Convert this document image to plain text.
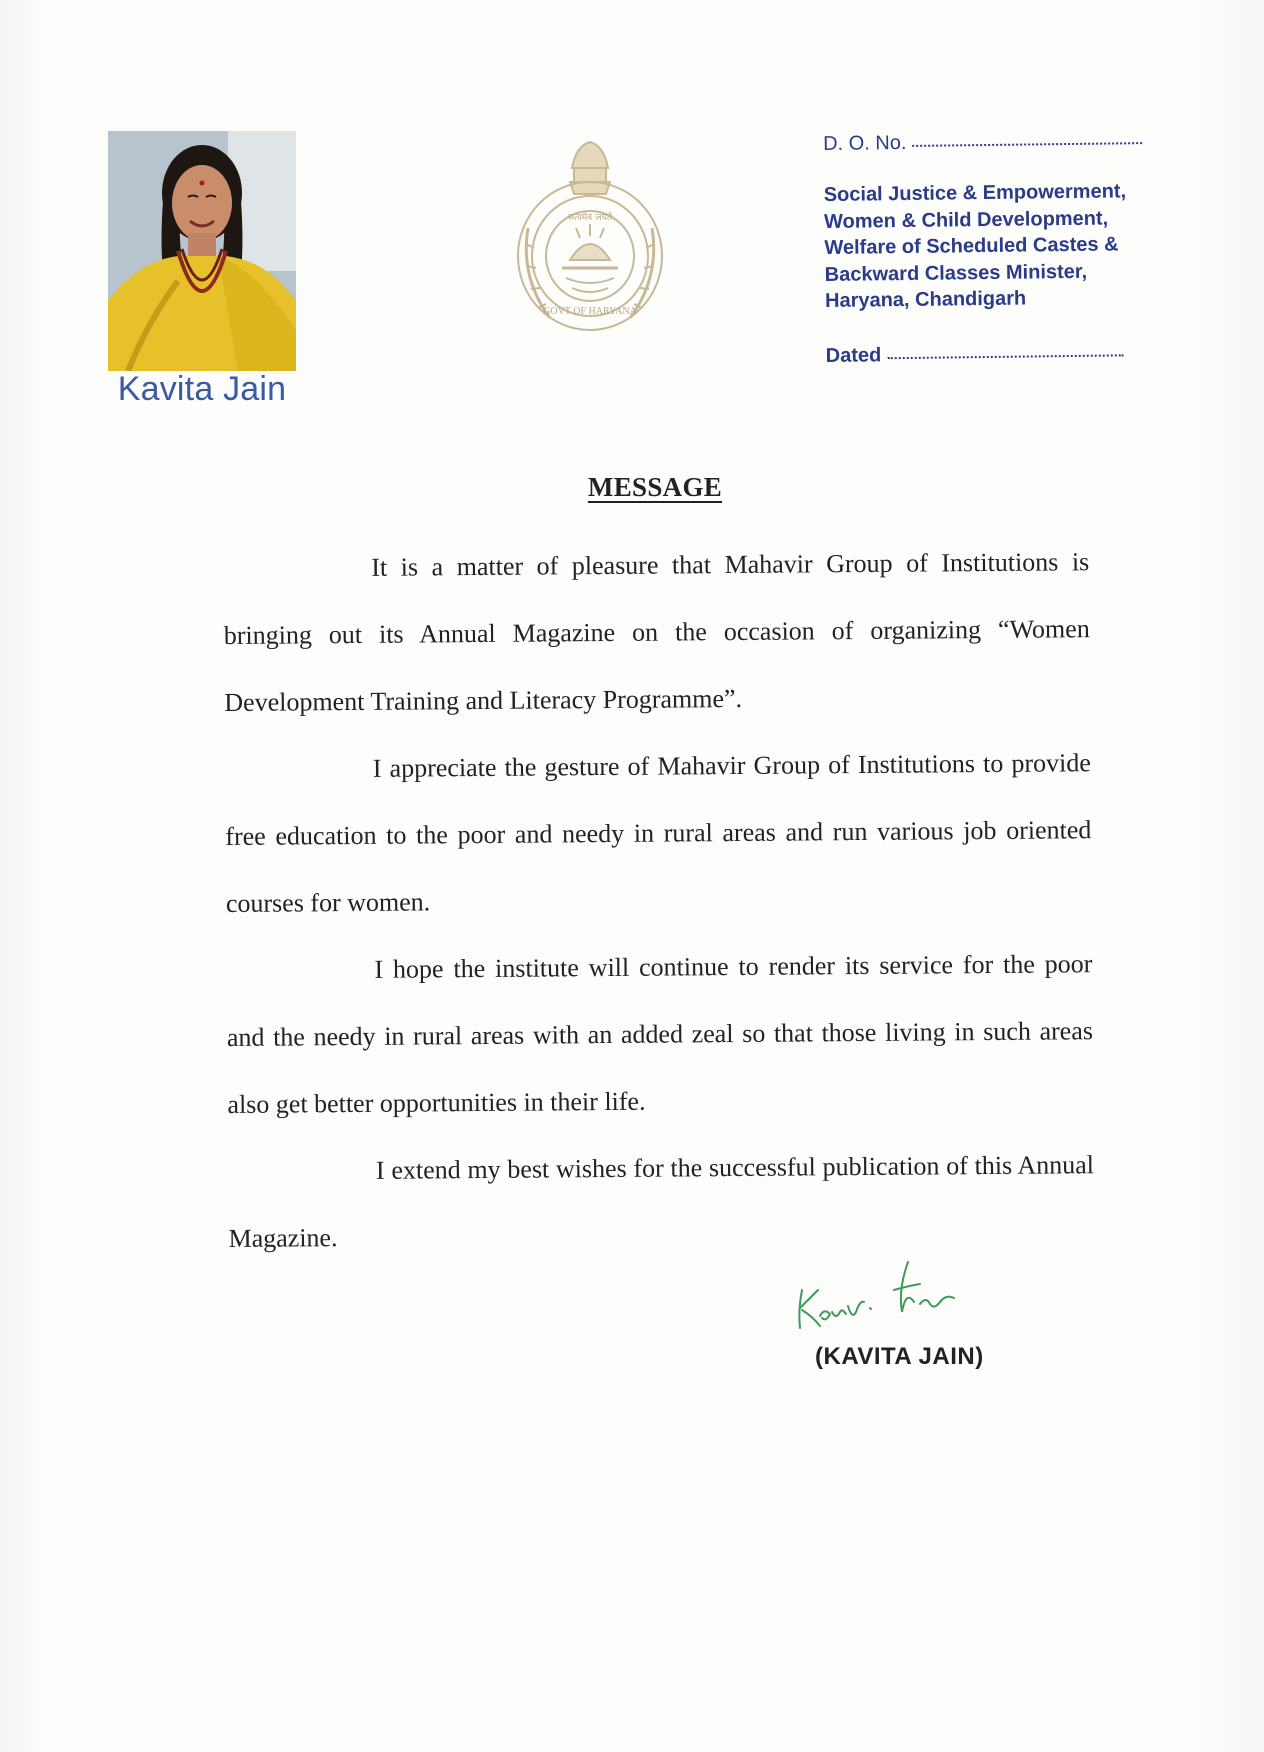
Kavita Jain
GOVT OF HARYANA
सत्यमेव जयते
D. O. No.
Social Justice & Empowerment,
Women & Child Development,
Welfare of Scheduled Castes &
Backward Classes Minister,
Haryana, Chandigarh
Dated
MESSAGE

It is a matter of pleasure that Mahavir Group of Institutions is bringing out its Annual Magazine on the occasion of organizing “Women Development Training and Literacy Programme”.

I appreciate the gesture of Mahavir Group of Institutions to provide free education to the poor and needy in rural areas and run various job oriented courses for women.

I hope the institute will continue to render its service for the poor and the needy in rural areas with an added zeal so that those living in such areas also get better opportunities in their life.

I extend my best wishes for the successful publication of this Annual Magazine.

(KAVITA JAIN)
